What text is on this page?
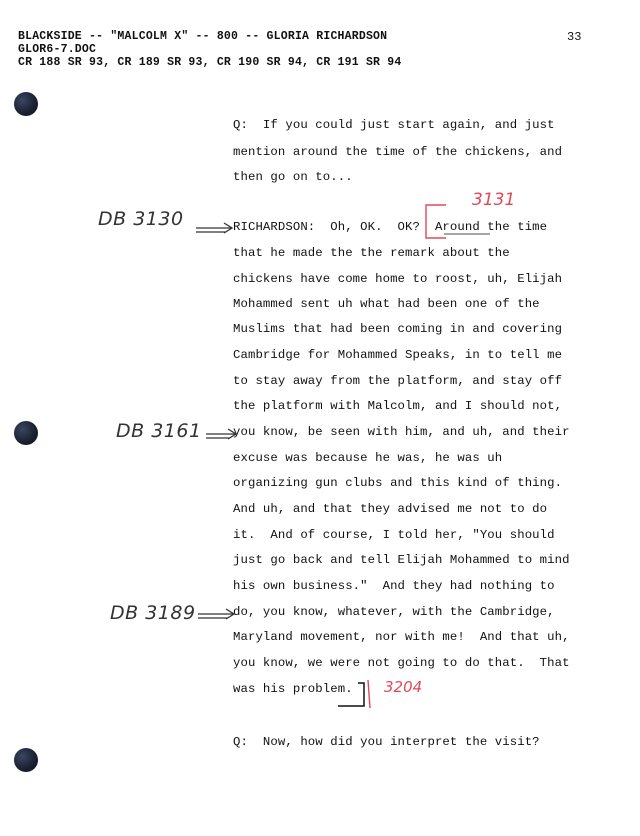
BLACKSIDE -- "MALCOLM X" -- 800 -- GLORIA RICHARDSON
GLOR6-7.DOC
CR 188 SR 93, CR 189 SR 93, CR 190 SR 94, CR 191 SR 94
33
Q:  If you could just start again, and just
mention around the time of the chickens, and
then go on to...
RICHARDSON:  Oh, OK.  OK?  Around the time
that he made the the remark about the
chickens have come home to roost, uh, Elijah
Mohammed sent uh what had been one of the
Muslims that had been coming in and covering
Cambridge for Mohammed Speaks, in to tell me
to stay away from the platform, and stay off
the platform with Malcolm, and I should not,
you know, be seen with him, and uh, and their
excuse was because he was, he was uh
organizing gun clubs and this kind of thing.
And uh, and that they advised me not to do
it.  And of course, I told her, "You should
just go back and tell Elijah Mohammed to mind
his own business."  And they had nothing to
do, you know, whatever, with the Cambridge,
Maryland movement, nor with me!  And that uh,
you know, we were not going to do that.  That
was his problem.
Q:  Now, how did you interpret the visit?
DB 3130
DB 3161
DB 3189
3131
3204
